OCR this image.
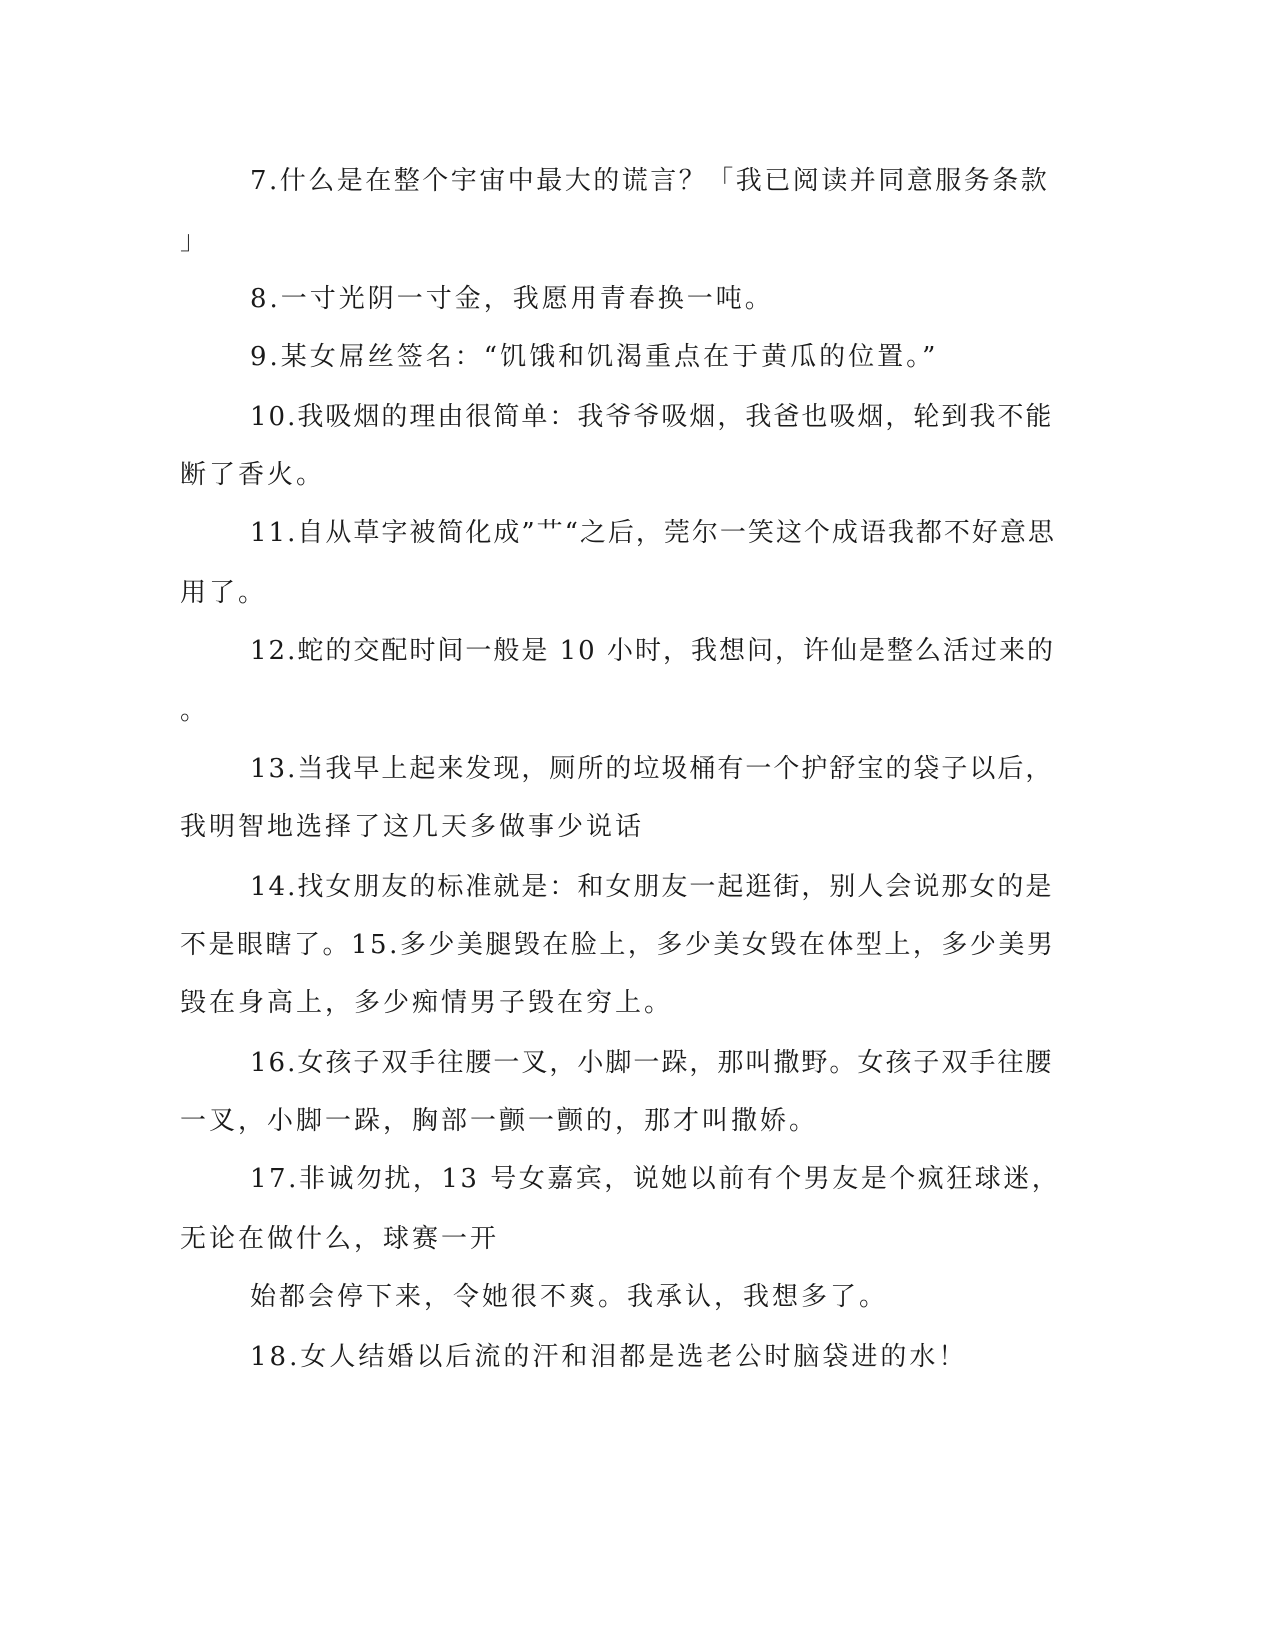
7.什么是在整个宇宙中最大的谎言？「我已阅读并同意服务条款
」
8.一寸光阴一寸金，我愿用青春换一吨。
9.某女屌丝签名：“饥饿和饥渴重点在于黄瓜的位置。”
10.我吸烟的理由很简单：我爷爷吸烟，我爸也吸烟，轮到我不能
断了香火。
11.自从草字被简化成”艹“之后，莞尔一笑这个成语我都不好意思
用了。
12.蛇的交配时间一般是 10 小时，我想问，许仙是整么活过来的
。
13.当我早上起来发现，厕所的垃圾桶有一个护舒宝的袋子以后，
我明智地选择了这几天多做事少说话
14.找女朋友的标准就是：和女朋友一起逛街，别人会说那女的是
不是眼瞎了。15.多少美腿毁在脸上，多少美女毁在体型上，多少美男
毁在身高上，多少痴情男子毁在穷上。
16.女孩子双手往腰一叉，小脚一跺，那叫撒野。女孩子双手往腰
一叉，小脚一跺，胸部一颤一颤的，那才叫撒娇。
17.非诚勿扰，13 号女嘉宾，说她以前有个男友是个疯狂球迷，
无论在做什么，球赛一开
始都会停下来，令她很不爽。我承认，我想多了。
18.女人结婚以后流的汗和泪都是选老公时脑袋进的水！
